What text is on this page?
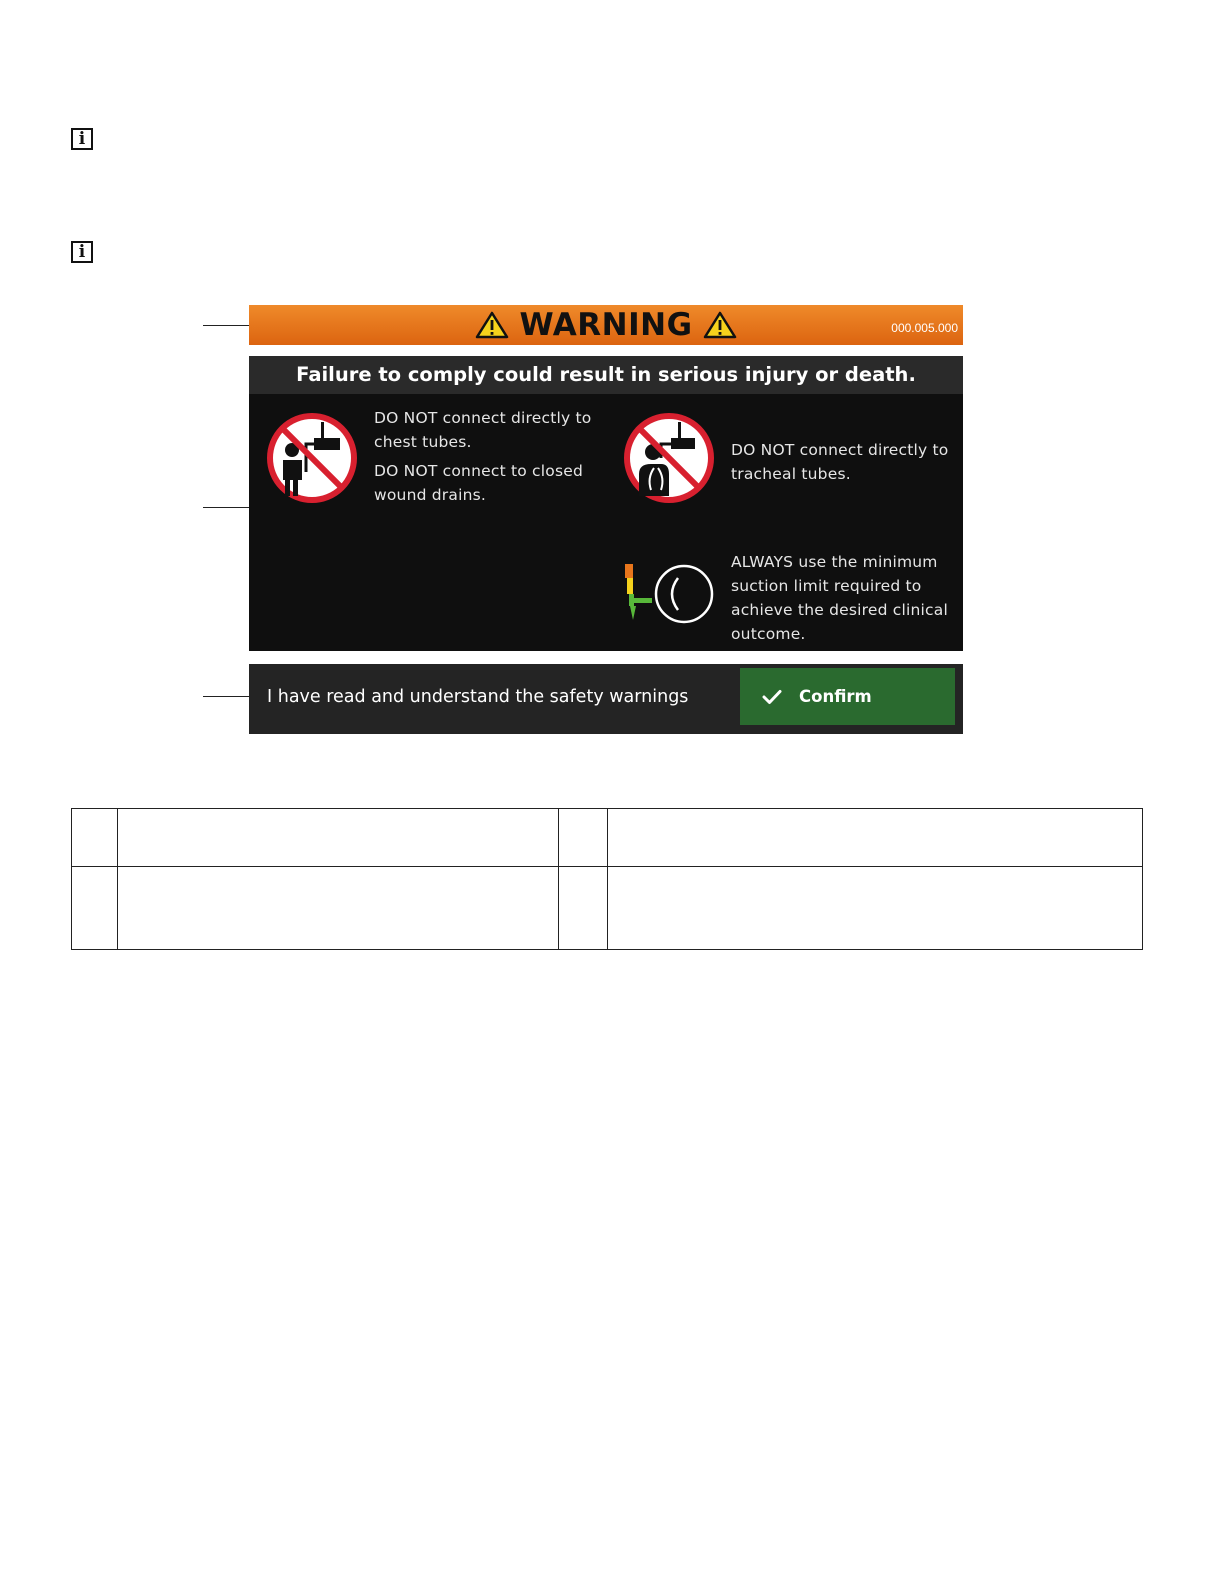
i
i
WARNING	000.005.000
Failure to comply could result in serious injury or death.

DO NOT connect directly to chest tubes.

DO NOT connect to closed wound drains.

DO NOT connect directly to tracheal tubes.

ALWAYS use the minimum suction limit required to achieve the desired clinical outcome.

I have read and understand the safety warnings	Confirm
